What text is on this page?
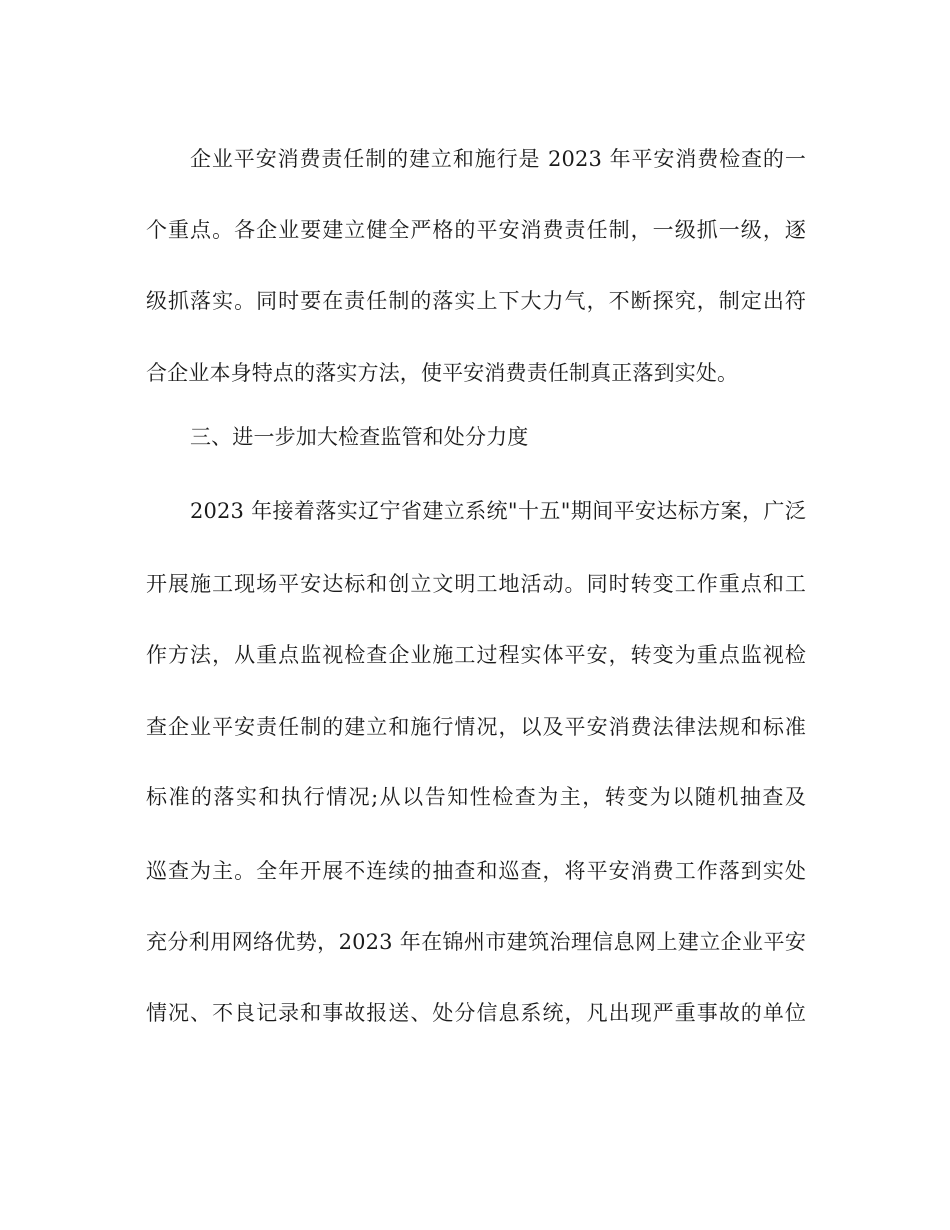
企业平安消费责任制的建立和施行是 2023 年平安消费检查的一
个重点。各企业要建立健全严格的平安消费责任制，一级抓一级，逐
级抓落实。同时要在责任制的落实上下大力气，不断探究，制定出符
合企业本身特点的落实方法，使平安消费责任制真正落到实处。
三、进一步加大检查监管和处分力度
2023 年接着落实辽宁省建立系统"十五"期间平安达标方案，广泛
开展施工现场平安达标和创立文明工地活动。同时转变工作重点和工
作方法，从重点监视检查企业施工过程实体平安，转变为重点监视检
查企业平安责任制的建立和施行情况，以及平安消费法律法规和标准
标准的落实和执行情况;从以告知性检查为主，转变为以随机抽查及
巡查为主。全年开展不连续的抽查和巡查，将平安消费工作落到实处
充分利用网络优势，2023 年在锦州市建筑治理信息网上建立企业平安
情况、不良记录和事故报送、处分信息系统，凡出现严重事故的单位
